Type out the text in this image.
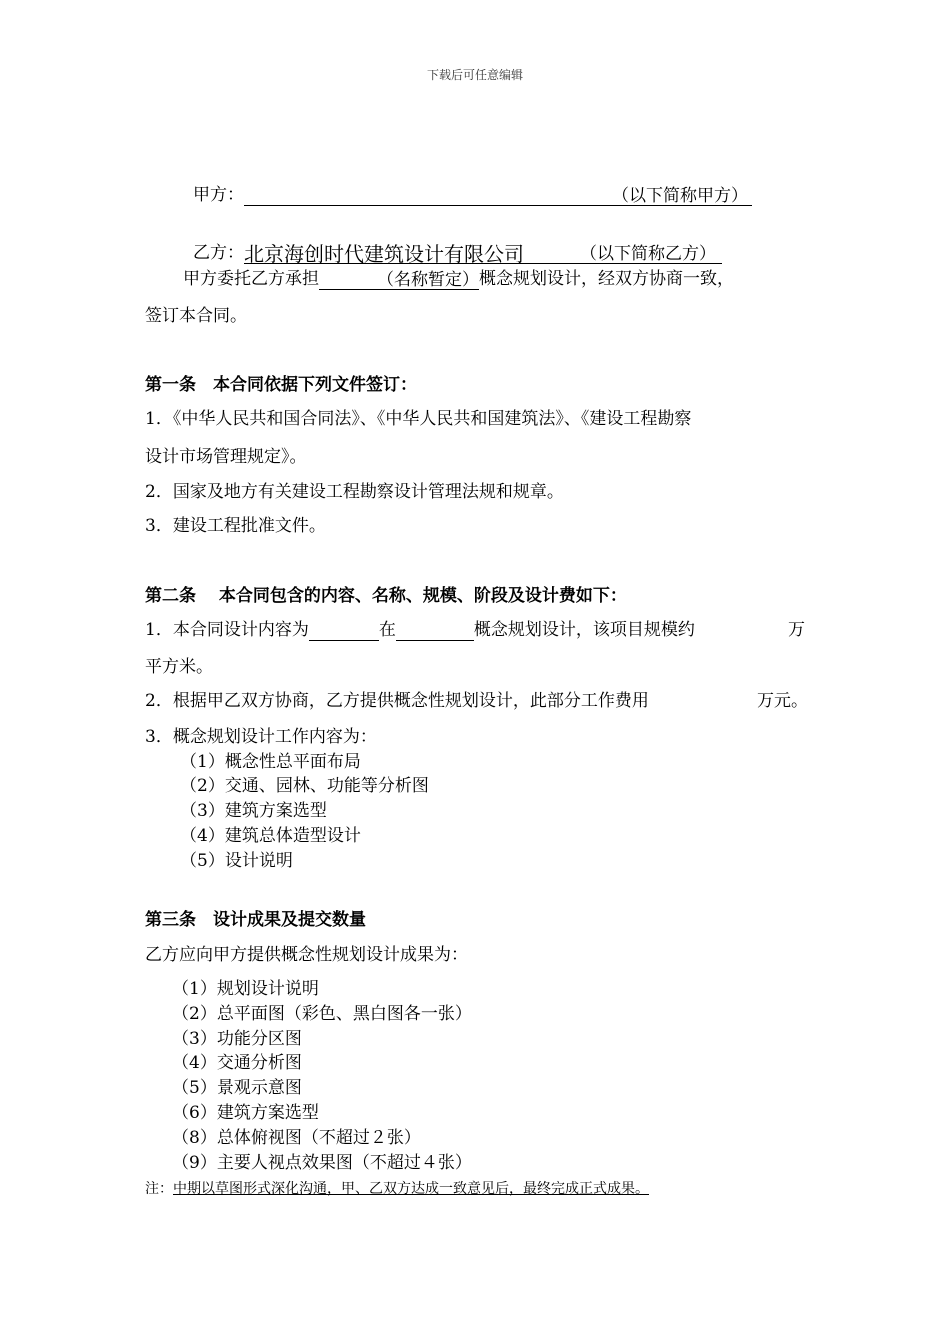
下载后可任意编辑
甲方：	（以下简称甲方）
乙方：北京海创时代建筑设计有限公司	（以下简称乙方）
甲方委托乙方承担	（名称暂定）概念规划设计，经双方协商一致，
签订本合同。
第一条　本合同依据下列文件签订：
1．《中华人民共和国合同法》、《中华人民共和国建筑法》、《建设工程勘察
设计市场管理规定》。
2．国家及地方有关建设工程勘察设计管理法规和规章。
3．建设工程批准文件。
第二条　 本合同包含的内容、名称、规模、阶段及设计费如下：
1．本合同设计内容为	在	概念规划设计，该项目规模约	万
平方米。
2．根据甲乙双方协商，乙方提供概念性规划设计，此部分工作费用	万元。
3．概念规划设计工作内容为：
（1）概念性总平面布局
（2）交通、园林、功能等分析图
（3）建筑方案选型
（4）建筑总体造型设计
（5）设计说明
第三条　设计成果及提交数量
乙方应向甲方提供概念性规划设计成果为：
（1）规划设计说明
（2）总平面图（彩色、黑白图各一张）
（3）功能分区图
（4）交通分析图
（5）景观示意图
（6）建筑方案选型
（8）总体俯视图（不超过２张）
（9）主要人视点效果图（不超过４张）
注：中期以草图形式深化沟通，甲、乙双方达成一致意见后，最终完成正式成果。
